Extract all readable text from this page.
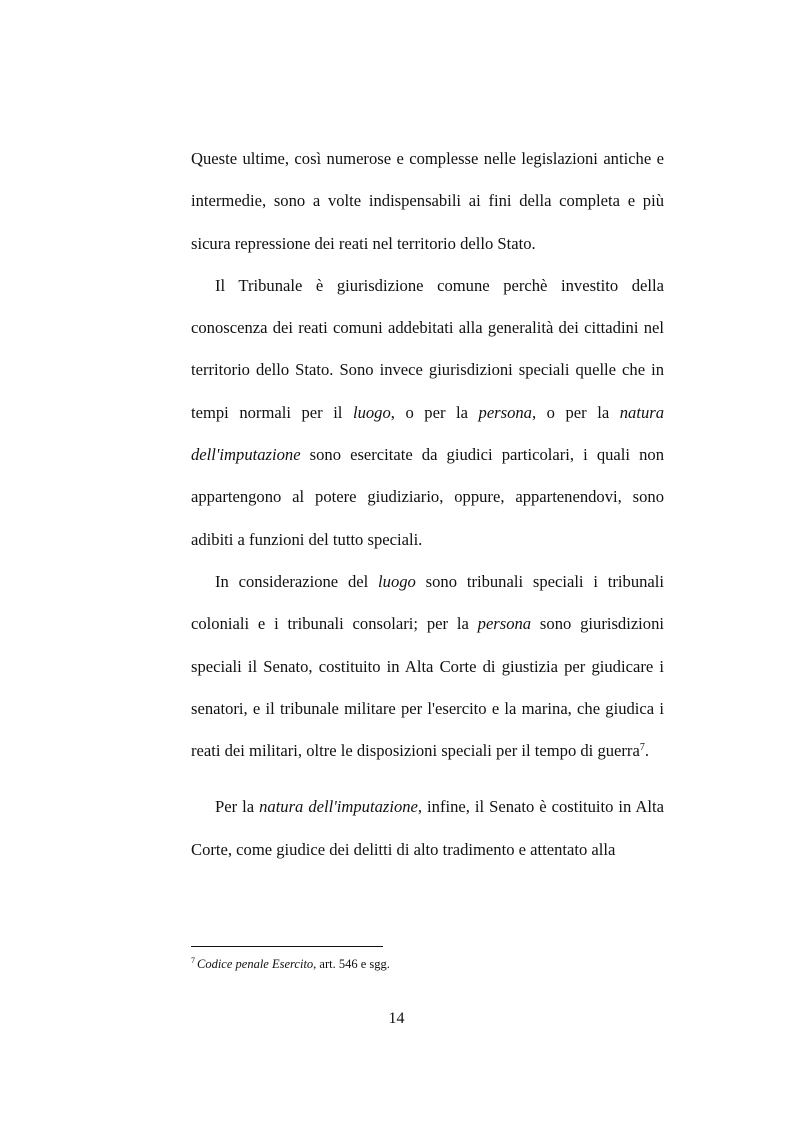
Queste ultime, così numerose e complesse nelle legislazioni antiche e intermedie, sono a volte indispensabili ai fini della completa e più sicura repressione dei reati nel territorio dello Stato.

Il Tribunale è giurisdizione comune perchè investito della conoscenza dei reati comuni addebitati alla generalità dei cittadini nel territorio dello Stato. Sono invece giurisdizioni speciali quelle che in tempi normali per il luogo, o per la persona, o per la natura dell'imputazione sono esercitate da giudici particolari, i quali non appartengono al potere giudiziario, oppure, appartenendovi, sono adibiti a funzioni del tutto speciali.

In considerazione del luogo sono tribunali speciali i tribunali coloniali e i tribunali consolari; per la persona sono giurisdizioni speciali il Senato, costituito in Alta Corte di giustizia per giudicare i senatori, e il tribunale militare per l'esercito e la marina, che giudica i reati dei militari, oltre le disposizioni speciali per il tempo di guerra$^7$.

Per la natura dell'imputazione, infine, il Senato è costituito in Alta Corte, come giudice dei delitti di alto tradimento e attentato alla

$^7$ Codice penale Esercito, art. 546 e sgg.
14
